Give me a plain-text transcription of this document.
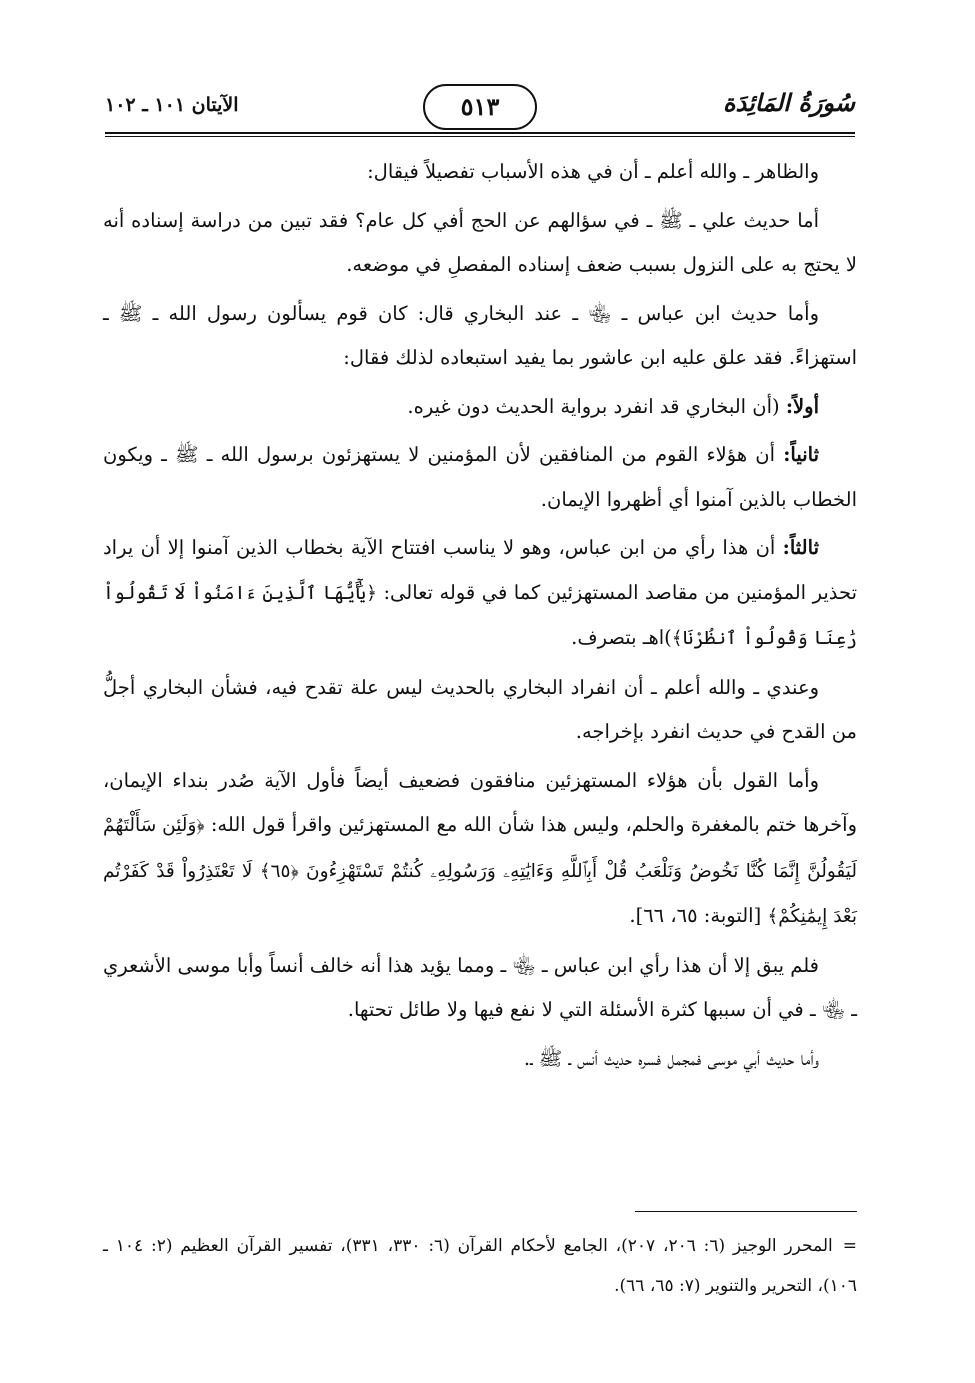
سُورَةُ المَائِدَة
٥١٣
الآيتان ١٠١ ـ ١٠٢

والظاهر ـ والله أعلم ـ أن في هذه الأسباب تفصيلاً فيقال:

أما حديث علي ـ ﷺ ـ في سؤالهم عن الحج أفي كل عام؟ فقد تبين من دراسة إسناده أنه لا يحتج به على النزول بسبب ضعف إسناده المفصلِ في موضعه.

وأما حديث ابن عباس ـ ﵄ ـ عند البخاري قال: كان قوم يسألون رسول الله ـ ﷺ ـ استهزاءً. فقد علق عليه ابن عاشور بما يفيد استبعاده لذلك فقال:

أولاً: (أن البخاري قد انفرد برواية الحديث دون غيره.

ثانياً: أن هؤلاء القوم من المنافقين لأن المؤمنين لا يستهزئون برسول الله ـ ﷺ ـ ويكون الخطاب بالذين آمنوا أي أظهروا الإيمان.

ثالثاً: أن هذا رأي من ابن عباس، وهو لا يناسب افتتاح الآية بخطاب الذين آمنوا إلا أن يراد تحذير المؤمنين من مقاصد المستهزئين كما في قوله تعالى: ﴿يَٰٓأَيُّهَا ٱلَّذِينَ ءَامَنُواْ لَا تَقُولُواْ رَٰعِنَا وَقُولُواْ ٱنظُرْنَا﴾)اهـ بتصرف.

وعندي ـ والله أعلم ـ أن انفراد البخاري بالحديث ليس علة تقدح فيه، فشأن البخاري أجلُّ من القدح في حديث انفرد بإخراجه.

وأما القول بأن هؤلاء المستهزئين منافقون فضعيف أيضاً فأول الآية صُدر بنداء الإيمان، وآخرها ختم بالمغفرة والحلم، وليس هذا شأن الله مع المستهزئين واقرأ قول الله: ﴿وَلَئِن سَأَلْتَهُمْ لَيَقُولُنَّ إِنَّمَا كُنَّا نَخُوضُ وَنَلْعَبُ قُلْ أَبِٱللَّهِ وَءَايَٰتِهِۦ وَرَسُولِهِۦ كُنتُمْ تَسْتَهْزِءُونَ ﴿٦٥﴾ لَا تَعْتَذِرُواْ قَدْ كَفَرْتُم بَعْدَ إِيمَٰنِكُمْ﴾ [التوبة: ٦٥، ٦٦].

فلم يبق إلا أن هذا رأي ابن عباس ـ ﵄ ـ ومما يؤيد هذا أنه خالف أنساً وأبا موسى الأشعري ـ ﵄ ـ في أن سببها كثرة الأسئلة التي لا نفع فيها ولا طائل تحتها.

وأما حديث أبي موسى فمجمل فسره حديث أنس ـ ﷺ ـ.

=المحرر الوجيز (٦: ٢٠٦، ٢٠٧)، الجامع لأحكام القرآن (٦: ٣٣٠، ٣٣١)، تفسير القرآن العظيم (٢: ١٠٤ ـ ١٠٦)، التحرير والتنوير (٧: ٦٥، ٦٦).
